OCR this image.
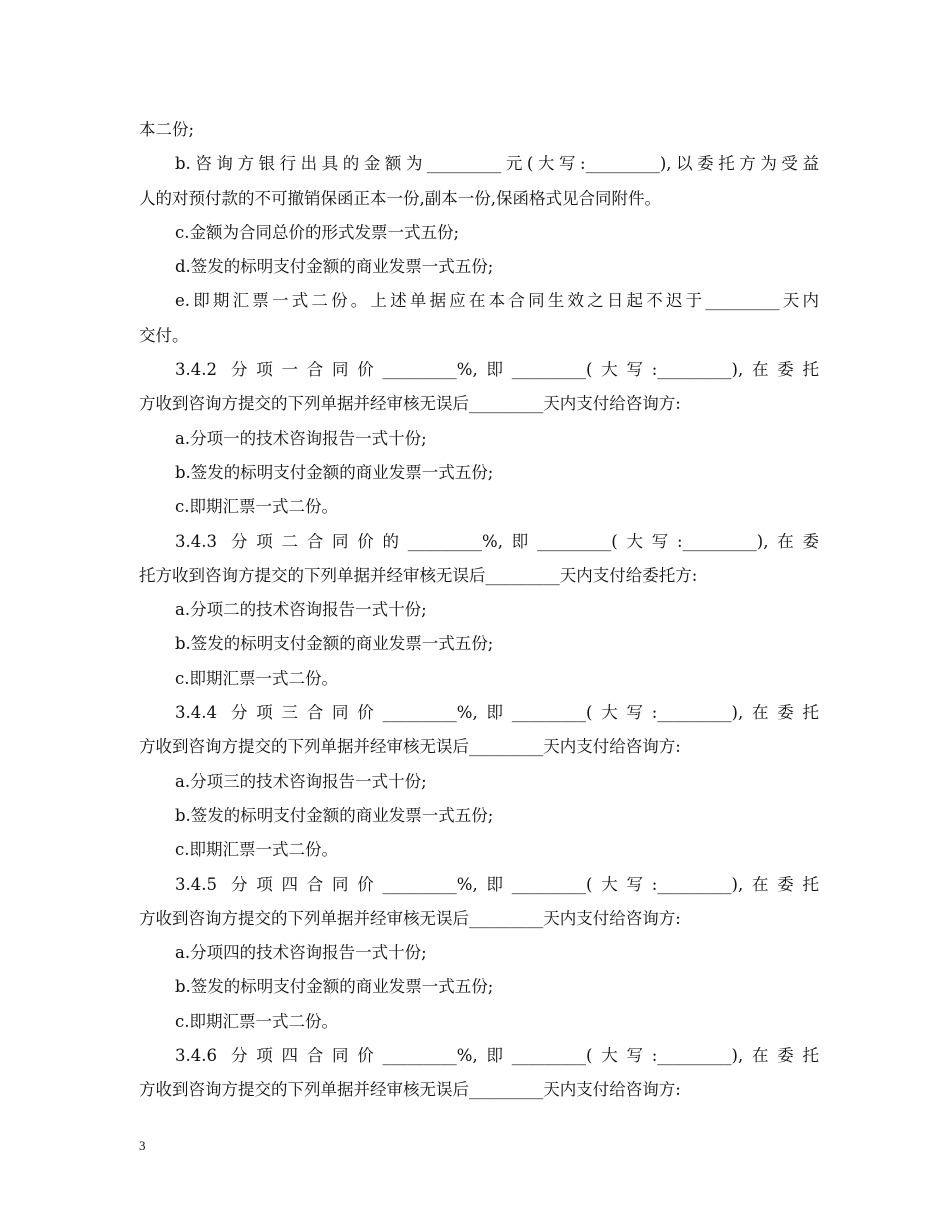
本二份;
b.咨询方银行出具的金额为_________元(大写:_________),以委托方为受益
人的对预付款的不可撤销保函正本一份,副本一份,保函格式见合同附件。
c.金额为合同总价的形式发票一式五份;
d.签发的标明支付金额的商业发票一式五份;
e.即期汇票一式二份。上述单据应在本合同生效之日起不迟于_________天内
交付。
3.4.2 分项一合同价_________%,即_________(大写:_________),在委托
方收到咨询方提交的下列单据并经审核无误后_________天内支付给咨询方:
a.分项一的技术咨询报告一式十份;
b.签发的标明支付金额的商业发票一式五份;
c.即期汇票一式二份。
3.4.3 分项二合同价的_________%,即_________(大写:_________),在委
托方收到咨询方提交的下列单据并经审核无误后_________天内支付给委托方:
a.分项二的技术咨询报告一式十份;
b.签发的标明支付金额的商业发票一式五份;
c.即期汇票一式二份。
3.4.4 分项三合同价_________%,即_________(大写:_________),在委托
方收到咨询方提交的下列单据并经审核无误后_________天内支付给咨询方:
a.分项三的技术咨询报告一式十份;
b.签发的标明支付金额的商业发票一式五份;
c.即期汇票一式二份。
3.4.5 分项四合同价_________%,即_________(大写:_________),在委托
方收到咨询方提交的下列单据并经审核无误后_________天内支付给咨询方:
a.分项四的技术咨询报告一式十份;
b.签发的标明支付金额的商业发票一式五份;
c.即期汇票一式二份。
3.4.6 分项四合同价_________%,即_________(大写:_________),在委托
方收到咨询方提交的下列单据并经审核无误后_________天内支付给咨询方:
3
